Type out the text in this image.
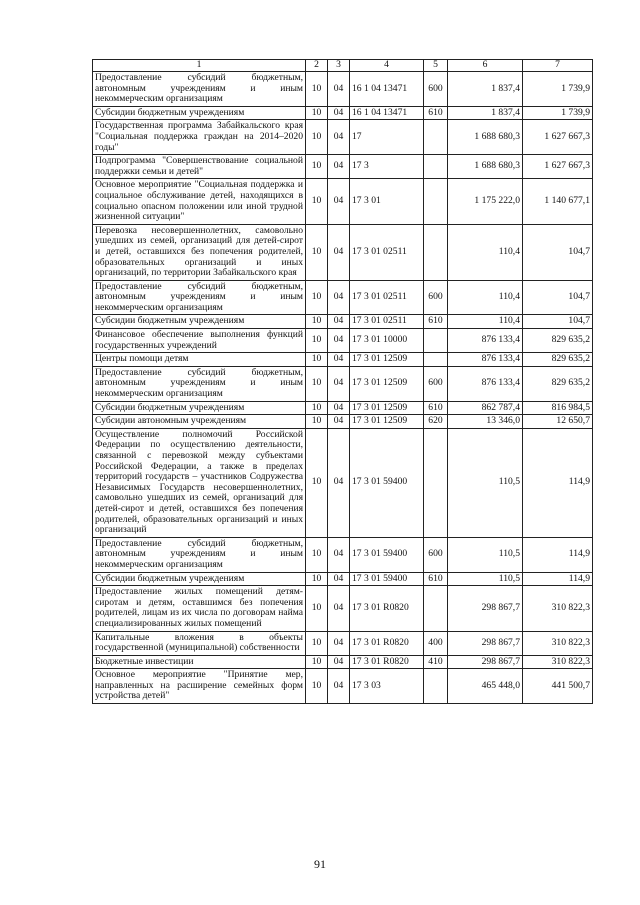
1	2	3	4	5	6	7
Предоставление субсидий бюджетным, автономным учреждениям и иным некоммерческим организациям	10	04	16 1 04 13471	600	1 837,4	1 739,9
Субсидии бюджетным учреждениям	10	04	16 1 04 13471	610	1 837,4	1 739,9
Государственная программа Забайкальского края "Социальная поддержка граждан на 2014–2020 годы"	10	04	17		1 688 680,3	1 627 667,3
Подпрограмма "Совершенствование социальной поддержки семьи и детей"	10	04	17 3		1 688 680,3	1 627 667,3
Основное мероприятие "Социальная поддержка и социальное обслуживание детей, находящихся в социально опасном положении или иной трудной жизненной ситуации"	10	04	17 3 01		1 175 222,0	1 140 677,1
Перевозка несовершеннолетних, самовольно ушедших из семей, организаций для детей-сирот и детей, оставшихся без попечения родителей, образовательных организаций и иных организаций, по территории Забайкальского края	10	04	17 3 01 02511		110,4	104,7
Предоставление субсидий бюджетным, автономным учреждениям и иным некоммерческим организациям	10	04	17 3 01 02511	600	110,4	104,7
Субсидии бюджетным учреждениям	10	04	17 3 01 02511	610	110,4	104,7
Финансовое обеспечение выполнения функций государственных учреждений	10	04	17 3 01 10000		876 133,4	829 635,2
Центры помощи детям	10	04	17 3 01 12509		876 133,4	829 635,2
Предоставление субсидий бюджетным, автономным учреждениям и иным некоммерческим организациям	10	04	17 3 01 12509	600	876 133,4	829 635,2
Субсидии бюджетным учреждениям	10	04	17 3 01 12509	610	862 787,4	816 984,5
Субсидии автономным учреждениям	10	04	17 3 01 12509	620	13 346,0	12 650,7
Осуществление полномочий Российской Федерации по осуществлению деятельности, связанной с перевозкой между субъектами Российской Федерации, а также в пределах территорий государств – участников Содружества Независимых Государств несовершеннолетних, самовольно ушедших из семей, организаций для детей-сирот и детей, оставшихся без попечения родителей, образовательных организаций и иных организаций	10	04	17 3 01 59400		110,5	114,9
Предоставление субсидий бюджетным, автономным учреждениям и иным некоммерческим организациям	10	04	17 3 01 59400	600	110,5	114,9
Субсидии бюджетным учреждениям	10	04	17 3 01 59400	610	110,5	114,9
Предоставление жилых помещений детям-сиротам и детям, оставшимся без попечения родителей, лицам из их числа по договорам найма специализированных жилых помещений	10	04	17 3 01 R0820		298 867,7	310 822,3
Капитальные вложения в объекты государственной (муниципальной) собственности	10	04	17 3 01 R0820	400	298 867,7	310 822,3
Бюджетные инвестиции	10	04	17 3 01 R0820	410	298 867,7	310 822,3
Основное мероприятие "Принятие мер, направленных на расширение семейных форм устройства детей"	10	04	17 3 03		465 448,0	441 500,7
91
